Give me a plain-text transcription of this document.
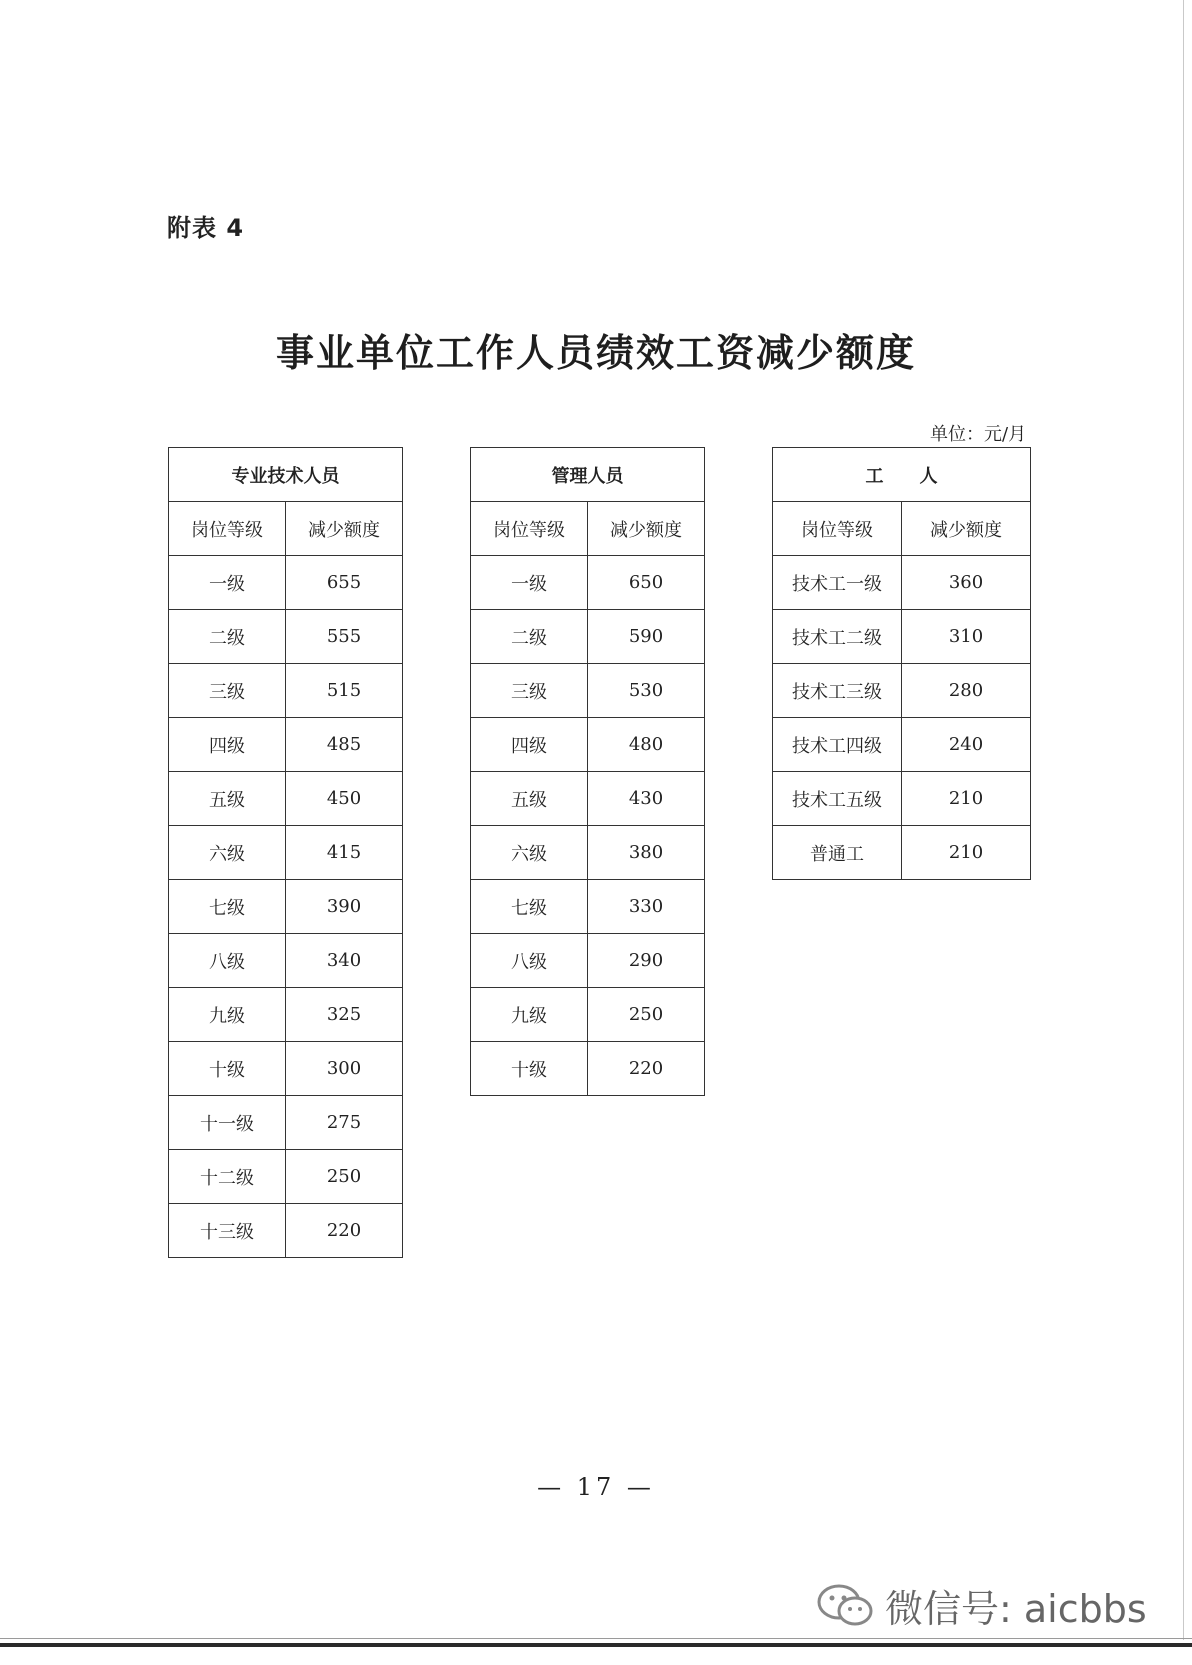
附表 4
事业单位工作人员绩效工资减少额度
单位：元/月
专业技术人员	
岗位等级	减少额度
一级	655
二级	555
三级	515
四级	485
五级	450
六级	415
七级	390
八级	340
九级	325
十级	300
十一级	275
十二级	250
十三级	220
管理人员	
岗位等级	减少额度
一级	650
二级	590
三级	530
四级	480
五级	430
六级	380
七级	330
八级	290
九级	250
十级	220
工　　人	
岗位等级	减少额度
技术工一级	360
技术工二级	310
技术工三级	280
技术工四级	240
技术工五级	210
普通工	210
— 17 —
微信号: aicbbs
